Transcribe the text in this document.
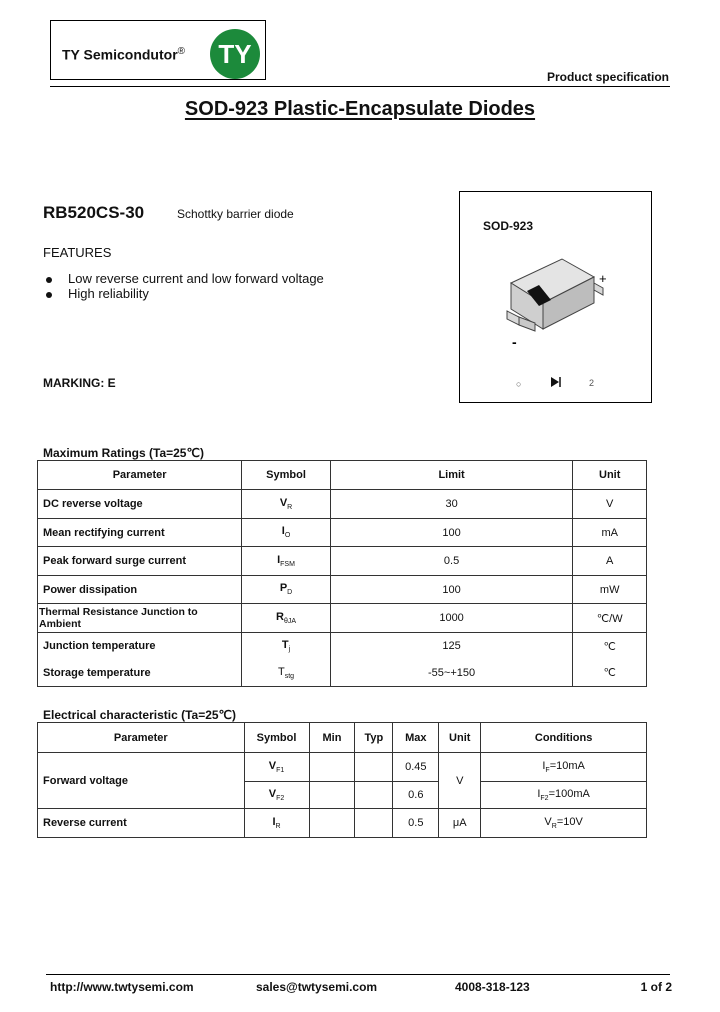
TY Semicondutor®	TY
Product specification
SOD-923 Plastic-Encapsulate Diodes
RB520CS-30	Schottky barrier diode
FEATURES
Low reverse current and low forward voltage
High reliability
MARKING: E
SOD-923
+
-
○	2
Maximum Ratings (Ta=25℃)
Parameter	Symbol	Limit	Unit
DC reverse voltage	$V_R$	30	V
Mean rectifying current	$I_O$	100	mA
Peak forward surge current	$I_{FSM}$	0.5	A
Power dissipation	$P_D$	100	mW
Thermal Resistance Junction to Ambient	$R_{\theta JA}$	1000	℃/W
Junction temperature	$T_j$	125	℃
Storage temperature	$T_{stg}$	-55~+150	℃
Electrical characteristic (Ta=25℃)
Parameter	Symbol	Min	Typ	Max	Unit	Conditions
Forward voltage	$V_{F1}$			0.45	V	$I_F=10mA$
	$V_{F2}$			0.6		$I_{F2}=100mA$
Reverse current	$I_R$			0.5	μA	$V_R=10V$
http://www.twtysemi.com	sales@twtysemi.com	4008-318-123	1 of 2
